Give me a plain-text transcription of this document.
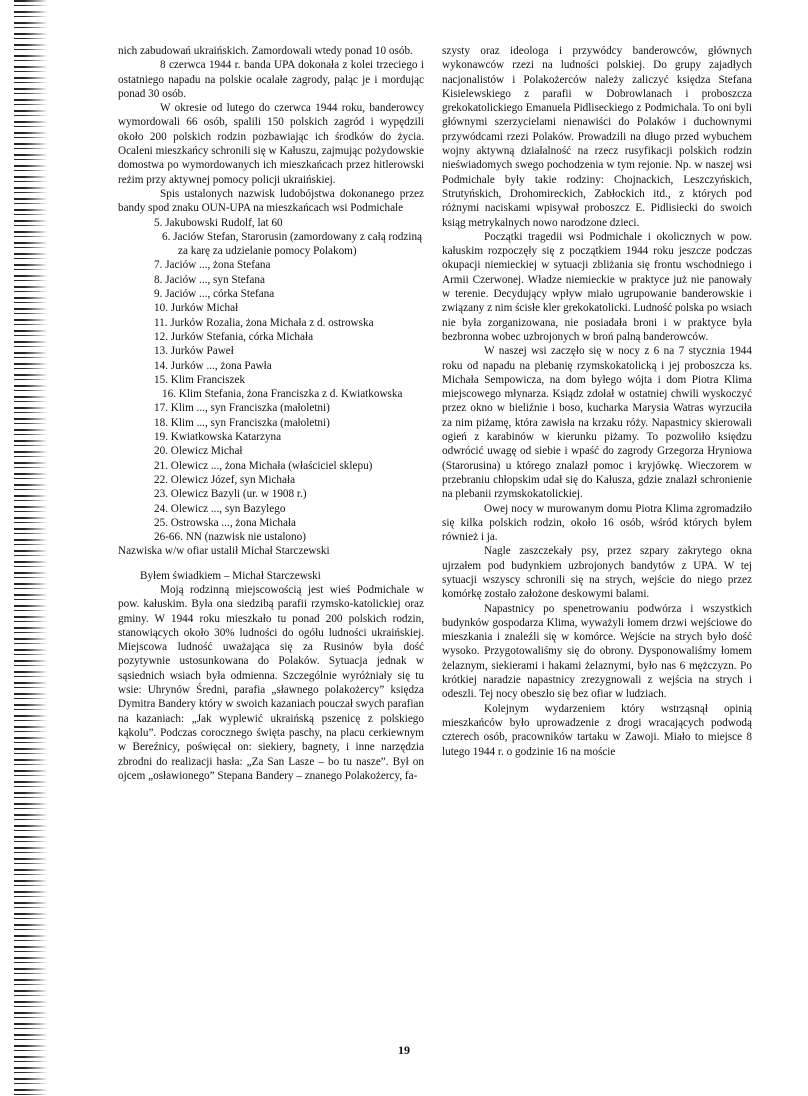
nich zabudowań ukraińskich. Zamordowali wtedy ponad 10 osób.

8 czerwca 1944 r. banda UPA dokonała z kolei trzeciego i ostatniego napadu na polskie ocalałe zagrody, paląc je i mordując ponad 30 osób.

W okresie od lutego do czerwca 1944 roku, banderowcy wymordowali 66 osób, spalili 150 polskich zagród i wypędzili około 200 polskich rodzin pozbawiając ich środków do życia. Ocaleni mieszkańcy schronili się w Kałuszu, zajmując pożydowskie domostwa po wymordowanych ich mieszkańcach przez hitlerowski reżim przy aktywnej pomocy policji ukraińskiej.

Spis ustalonych nazwisk ludobójstwa dokonanego przez bandy spod znaku OUN-UPA na mieszkańcach wsi Podmichale

5. Jakubowski Rudolf, lat 60
6. Jaciów Stefan, Starorusin (zamordowany z całą rodziną za karę za udzielanie pomocy Polakom)
7. Jaciów ..., żona Stefana
8. Jaciów ..., syn Stefana
9. Jaciów ..., córka Stefana
10. Jurków Michał
11. Jurków Rozalia, żona Michała z d. ostrowska
12. Jurków Stefania, córka Michała
13. Jurków Paweł
14. Jurków ..., żona Pawła
15. Klim Franciszek
16. Klim Stefania, żona Franciszka z d. Kwiatkowska
17. Klim ..., syn Franciszka (małoletni)
18. Klim ..., syn Franciszka (małoletni)
19. Kwiatkowska Katarzyna
20. Olewicz Michał
21. Olewicz ..., żona Michała (właściciel sklepu)
22. Olewicz Józef, syn Michała
23. Olewicz Bazyli (ur. w 1908 r.)
24. Olewicz ..., syn Bazylego
25. Ostrowska ..., żona Michała
26-66. NN (nazwisk nie ustalono)

Nazwiska w/w ofiar ustalił Michał Starczewski

Byłem świadkiem – Michał Starczewski

Moją rodzinną miejscowością jest wieś Podmichale w pow. kałuskim. Była ona siedzibą parafii rzymsko-katolickiej oraz gminy. W 1944 roku mieszkało tu ponad 200 polskich rodzin, stanowiących około 30% ludności do ogółu ludności ukraińskiej. Miejscowa ludność uważająca się za Rusinów była dość pozytywnie ustosunkowana do Polaków. Sytuacja jednak w sąsiednich wsiach była odmienna. Szczególnie wyróżniały się tu wsie: Uhrynów Średni, parafia „sławnego polakożercy” księdza Dymitra Bandery który w swoich kazaniach pouczał swych parafian na kazaniach: „Jak wyplewić ukraińską pszenicę z polskiego kąkolu”. Podczas corocznego święta paschy, na placu cerkiewnym w Bereźnicy, poświęcał on: siekiery, bagnety, i inne narzędzia zbrodni do realizacji hasła: „Za San Lasze – bo tu nasze”. Był on ojcem „osławionego” Stepana Bandery – znanego Polakożercy, fa-

szysty oraz ideologa i przywódcy banderowców, głównych wykonawców rzezi na ludności polskiej. Do grupy zajadłych nacjonalistów i Polakożerców należy zaliczyć księdza Stefana Kisielewskiego z parafii w Dobrowlanach i proboszcza grekokatolickiego Emanuela Pidliseckiego z Podmichala. To oni byli głównymi szerzycielami nienawiści do Polaków i duchownymi przywódcami rzezi Polaków. Prowadzili na długo przed wybuchem wojny aktywną działalność na rzecz rusyfikacji polskich rodzin nieświadomych swego pochodzenia w tym rejonie. Np. w naszej wsi Podmichale były takie rodziny: Chojnackich, Leszczyńskich, Strutyńskich, Drohomireckich, Zabłockich itd., z których pod różnymi naciskami wpisywał proboszcz E. Pidlisiecki do swoich ksiąg metrykalnych nowo narodzone dzieci.

Początki tragedii wsi Podmichale i okolicznych w pow. kałuskim rozpoczęły się z początkiem 1944 roku jeszcze podczas okupacji niemieckiej w sytuacji zbliżania się frontu wschodniego i Armii Czerwonej. Władze niemieckie w praktyce już nie panowały w terenie. Decydujący wpływ miało ugrupowanie banderowskie i związany z nim ścisłe kler grekokatolicki. Ludność polska po wsiach nie była zorganizowana, nie posiadała broni i w praktyce była bezbronna wobec uzbrojonych w broń palną banderowców.

W naszej wsi zaczęło się w nocy z 6 na 7 stycznia 1944 roku od napadu na plebanię rzymskokatolicką i jej proboszcza ks. Michała Sempowicza, na dom byłego wójta i dom Piotra Klima miejscowego młynarza. Ksiądz zdołał w ostatniej chwili wyskoczyć przez okno w bieliźnie i boso, kucharka Marysia Watras wyrzuciła za nim piżamę, która zawisła na krzaku róży. Napastnicy skierowali ogień z karabinów w kierunku piżamy. To pozwoliło księdzu odwrócić uwagę od siebie i wpaść do zagrody Grzegorza Hryniowa (Starorusina) u którego znalazł pomoc i kryjówkę. Wieczorem w przebraniu chłopskim udał się do Kałusza, gdzie znalazł schronienie na plebanii rzymskokatolickiej.

Owej nocy w murowanym domu Piotra Klima zgromadziło się kilka polskich rodzin, około 16 osób, wśród których byłem również i ja.

Nagle zaszczekały psy, przez szpary zakrytego okna ujrzałem pod budynkiem uzbrojonych bandytów z UPA. W tej sytuacji wszyscy schronili się na strych, wejście do niego przez komórkę zostało założone deskowymi balami.

Napastnicy po spenetrowaniu podwórza i wszystkich budynków gospodarza Klima, wyważyli łomem drzwi wejściowe do mieszkania i znaleźli się w komórce. Wejście na strych było dość wysoko. Przygotowaliśmy się do obrony. Dysponowaliśmy łomem żelaznym, siekierami i hakami żelaznymi, było nas 6 mężczyzn. Po krótkiej naradzie napastnicy zrezygnowali z wejścia na strych i odeszli. Tej nocy obeszło się bez ofiar w ludziach.

Kolejnym wydarzeniem który wstrząsnął opinią mieszkańców było uprowadzenie z drogi wracających podwodą czterech osób, pracowników tartaku w Zawoji. Miało to miejsce 8 lutego 1944 r. o godzinie 16 na moście

19
